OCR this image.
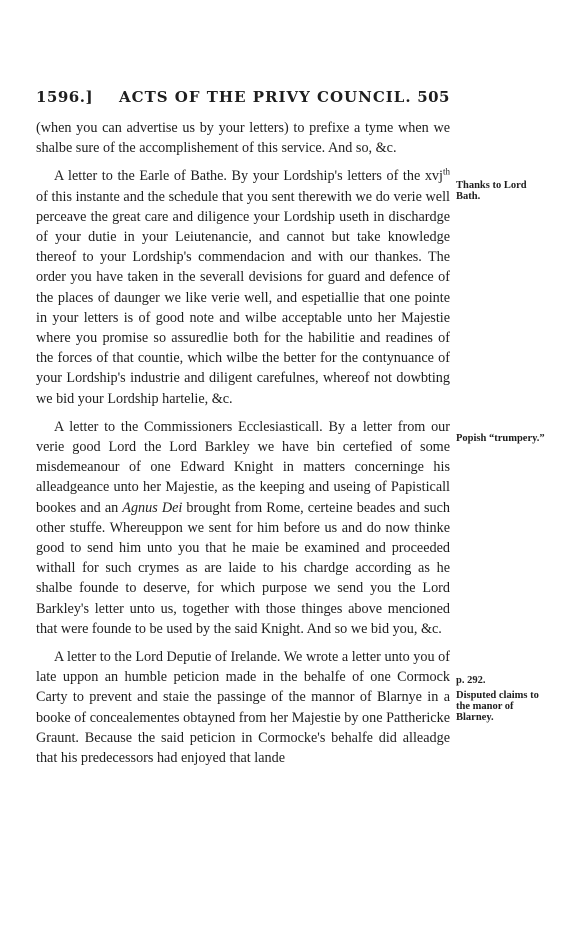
1596.] ACTS OF THE PRIVY COUNCIL. 505

(when you can advertise us by your letters) to prefixe a tyme when we shalbe sure of the accomplishement of this service. And so, &c.

A letter to the Earle of Bathe. By your Lordship's letters of the xvj$^{th}$ of this instante and the schedule that you sent therewith we do verie well perceave the great care and diligence your Lordship useth in dischardge of your dutie in your Leiutenancie, and cannot but take knowledge thereof to your Lordship's commendacion and with our thankes. The order you have taken in the severall devisions for guard and defence of the places of daunger we like verie well, and espetiallie that one pointe in your letters is of good note and wilbe acceptable unto her Majestie where you promise so assuredlie both for the habilitie and readines of the forces of that countie, which wilbe the better for the contynuance of your Lordship's industrie and diligent carefulnes, whereof not dowbting we bid your Lordship hartelie, &c.

A letter to the Commissioners Ecclesiasticall. By a letter from our verie good Lord the Lord Barkley we have bin certefied of some misdemeanour of one Edward Knight in matters concerninge his alleadgeance unto her Majestie, as the keeping and useing of Papisticall bookes and an Agnus Dei brought from Rome, certeine beades and such other stuffe. Whereuppon we sent for him before us and do now thinke good to send him unto you that he maie be examined and proceeded withall for such crymes as are laide to his chardge according as he shalbe founde to deserve, for which purpose we send you the Lord Barkley's letter unto us, together with those thinges above mencioned that were founde to be used by the said Knight. And so we bid you, &c.

A letter to the Lord Deputie of Irelande. We wrote a letter unto you of late uppon an humble peticion made in the behalfe of one Cormock Carty to prevent and staie the passinge of the mannor of Blarnye in a booke of concealementes obtayned from her Majestie by one Patthericke Graunt. Because the said peticion in Cormocke's behalfe did alleadge that his predecessors had enjoyed that lande

Thanks to Lord Bath.
Popish “trumpery.”
p. 292.
Disputed claims to the manor of Blarney.
